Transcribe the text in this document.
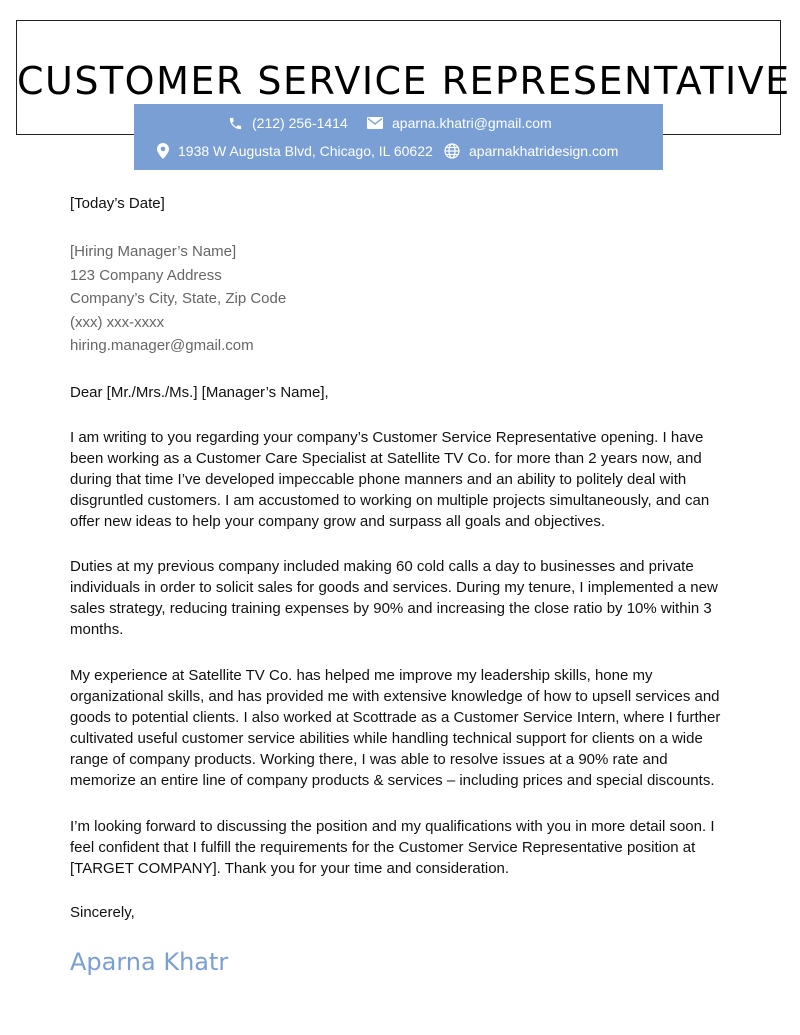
CUSTOMER SERVICE REPRESENTATIVE
(212) 256-1414	aparna.khatri@gmail.com
1938 W Augusta Blvd, Chicago, IL 60622	aparnakhatridesign.com
[Today’s Date]
[Hiring Manager’s Name]
123 Company Address
Company’s City, State, Zip Code
(xxx) xxx-xxxx
hiring.manager@gmail.com
Dear [Mr./Mrs./Ms.] [Manager’s Name],
I am writing to you regarding your company’s Customer Service Representative opening. I have been working as a Customer Care Specialist at Satellite TV Co. for more than 2 years now, and during that time I’ve developed impeccable phone manners and an ability to politely deal with disgruntled customers. I am accustomed to working on multiple projects simultaneously, and can offer new ideas to help your company grow and surpass all goals and objectives.
Duties at my previous company included making 60 cold calls a day to businesses and private individuals in order to solicit sales for goods and services. During my tenure, I implemented a new sales strategy, reducing training expenses by 90% and increasing the close ratio by 10% within 3 months.
My experience at Satellite TV Co. has helped me improve my leadership skills, hone my organizational skills, and has provided me with extensive knowledge of how to upsell services and goods to potential clients. I also worked at Scottrade as a Customer Service Intern, where I further cultivated useful customer service abilities while handling technical support for clients on a wide range of company products. Working there, I was able to resolve issues at a 90% rate and memorize an entire line of company products & services – including prices and special discounts.
I’m looking forward to discussing the position and my qualifications with you in more detail soon. I feel confident that I fulfill the requirements for the Customer Service Representative position at [TARGET COMPANY]. Thank you for your time and consideration.
Sincerely,
Aparna Khatr
